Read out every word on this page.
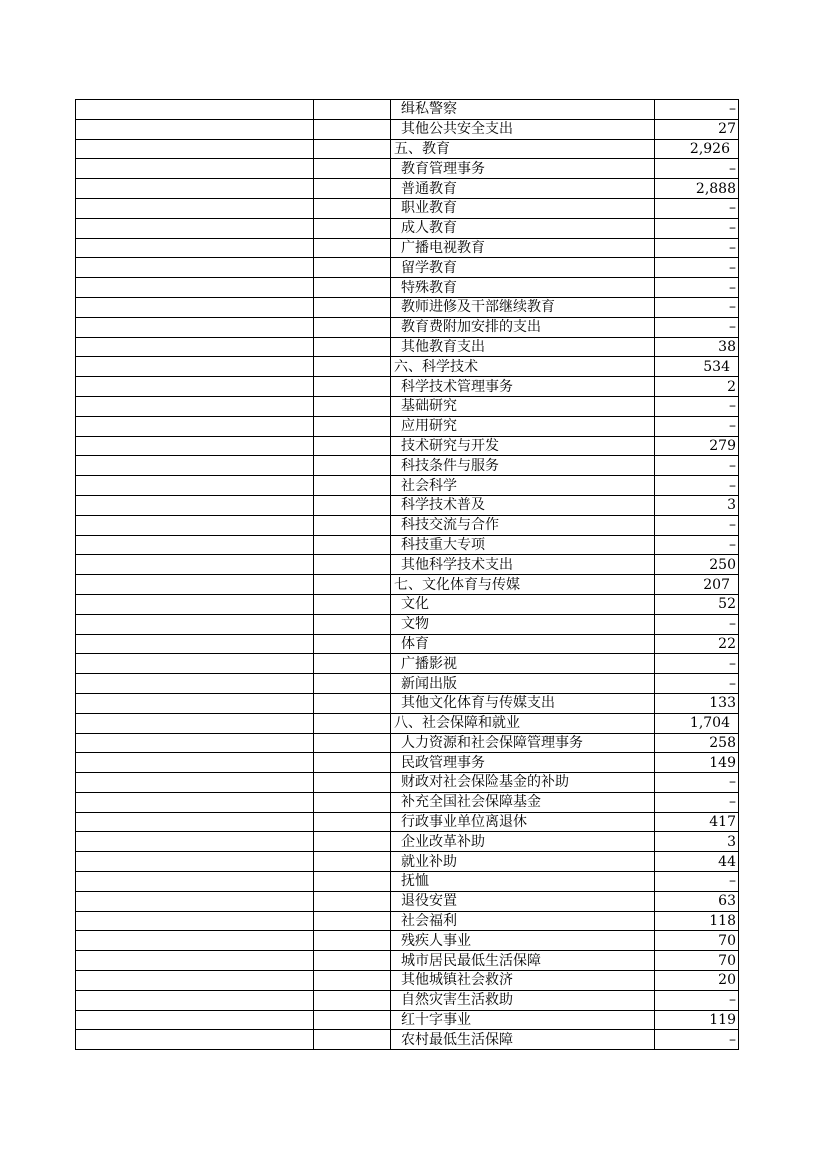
		缉私警察	–
		其他公共安全支出	27
		五、教育	2,926
		教育管理事务	–
		普通教育	2,888
		职业教育	–
		成人教育	–
		广播电视教育	–
		留学教育	–
		特殊教育	–
		教师进修及干部继续教育	–
		教育费附加安排的支出	–
		其他教育支出	38
		六、科学技术	534
		科学技术管理事务	2
		基础研究	–
		应用研究	–
		技术研究与开发	279
		科技条件与服务	–
		社会科学	–
		科学技术普及	3
		科技交流与合作	–
		科技重大专项	–
		其他科学技术支出	250
		七、文化体育与传媒	207
		文化	52
		文物	–
		体育	22
		广播影视	–
		新闻出版	–
		其他文化体育与传媒支出	133
		八、社会保障和就业	1,704
		人力资源和社会保障管理事务	258
		民政管理事务	149
		财政对社会保险基金的补助	–
		补充全国社会保障基金	–
		行政事业单位离退休	417
		企业改革补助	3
		就业补助	44
		抚恤	–
		退役安置	63
		社会福利	118
		残疾人事业	70
		城市居民最低生活保障	70
		其他城镇社会救济	20
		自然灾害生活救助	–
		红十字事业	119
		农村最低生活保障	–
